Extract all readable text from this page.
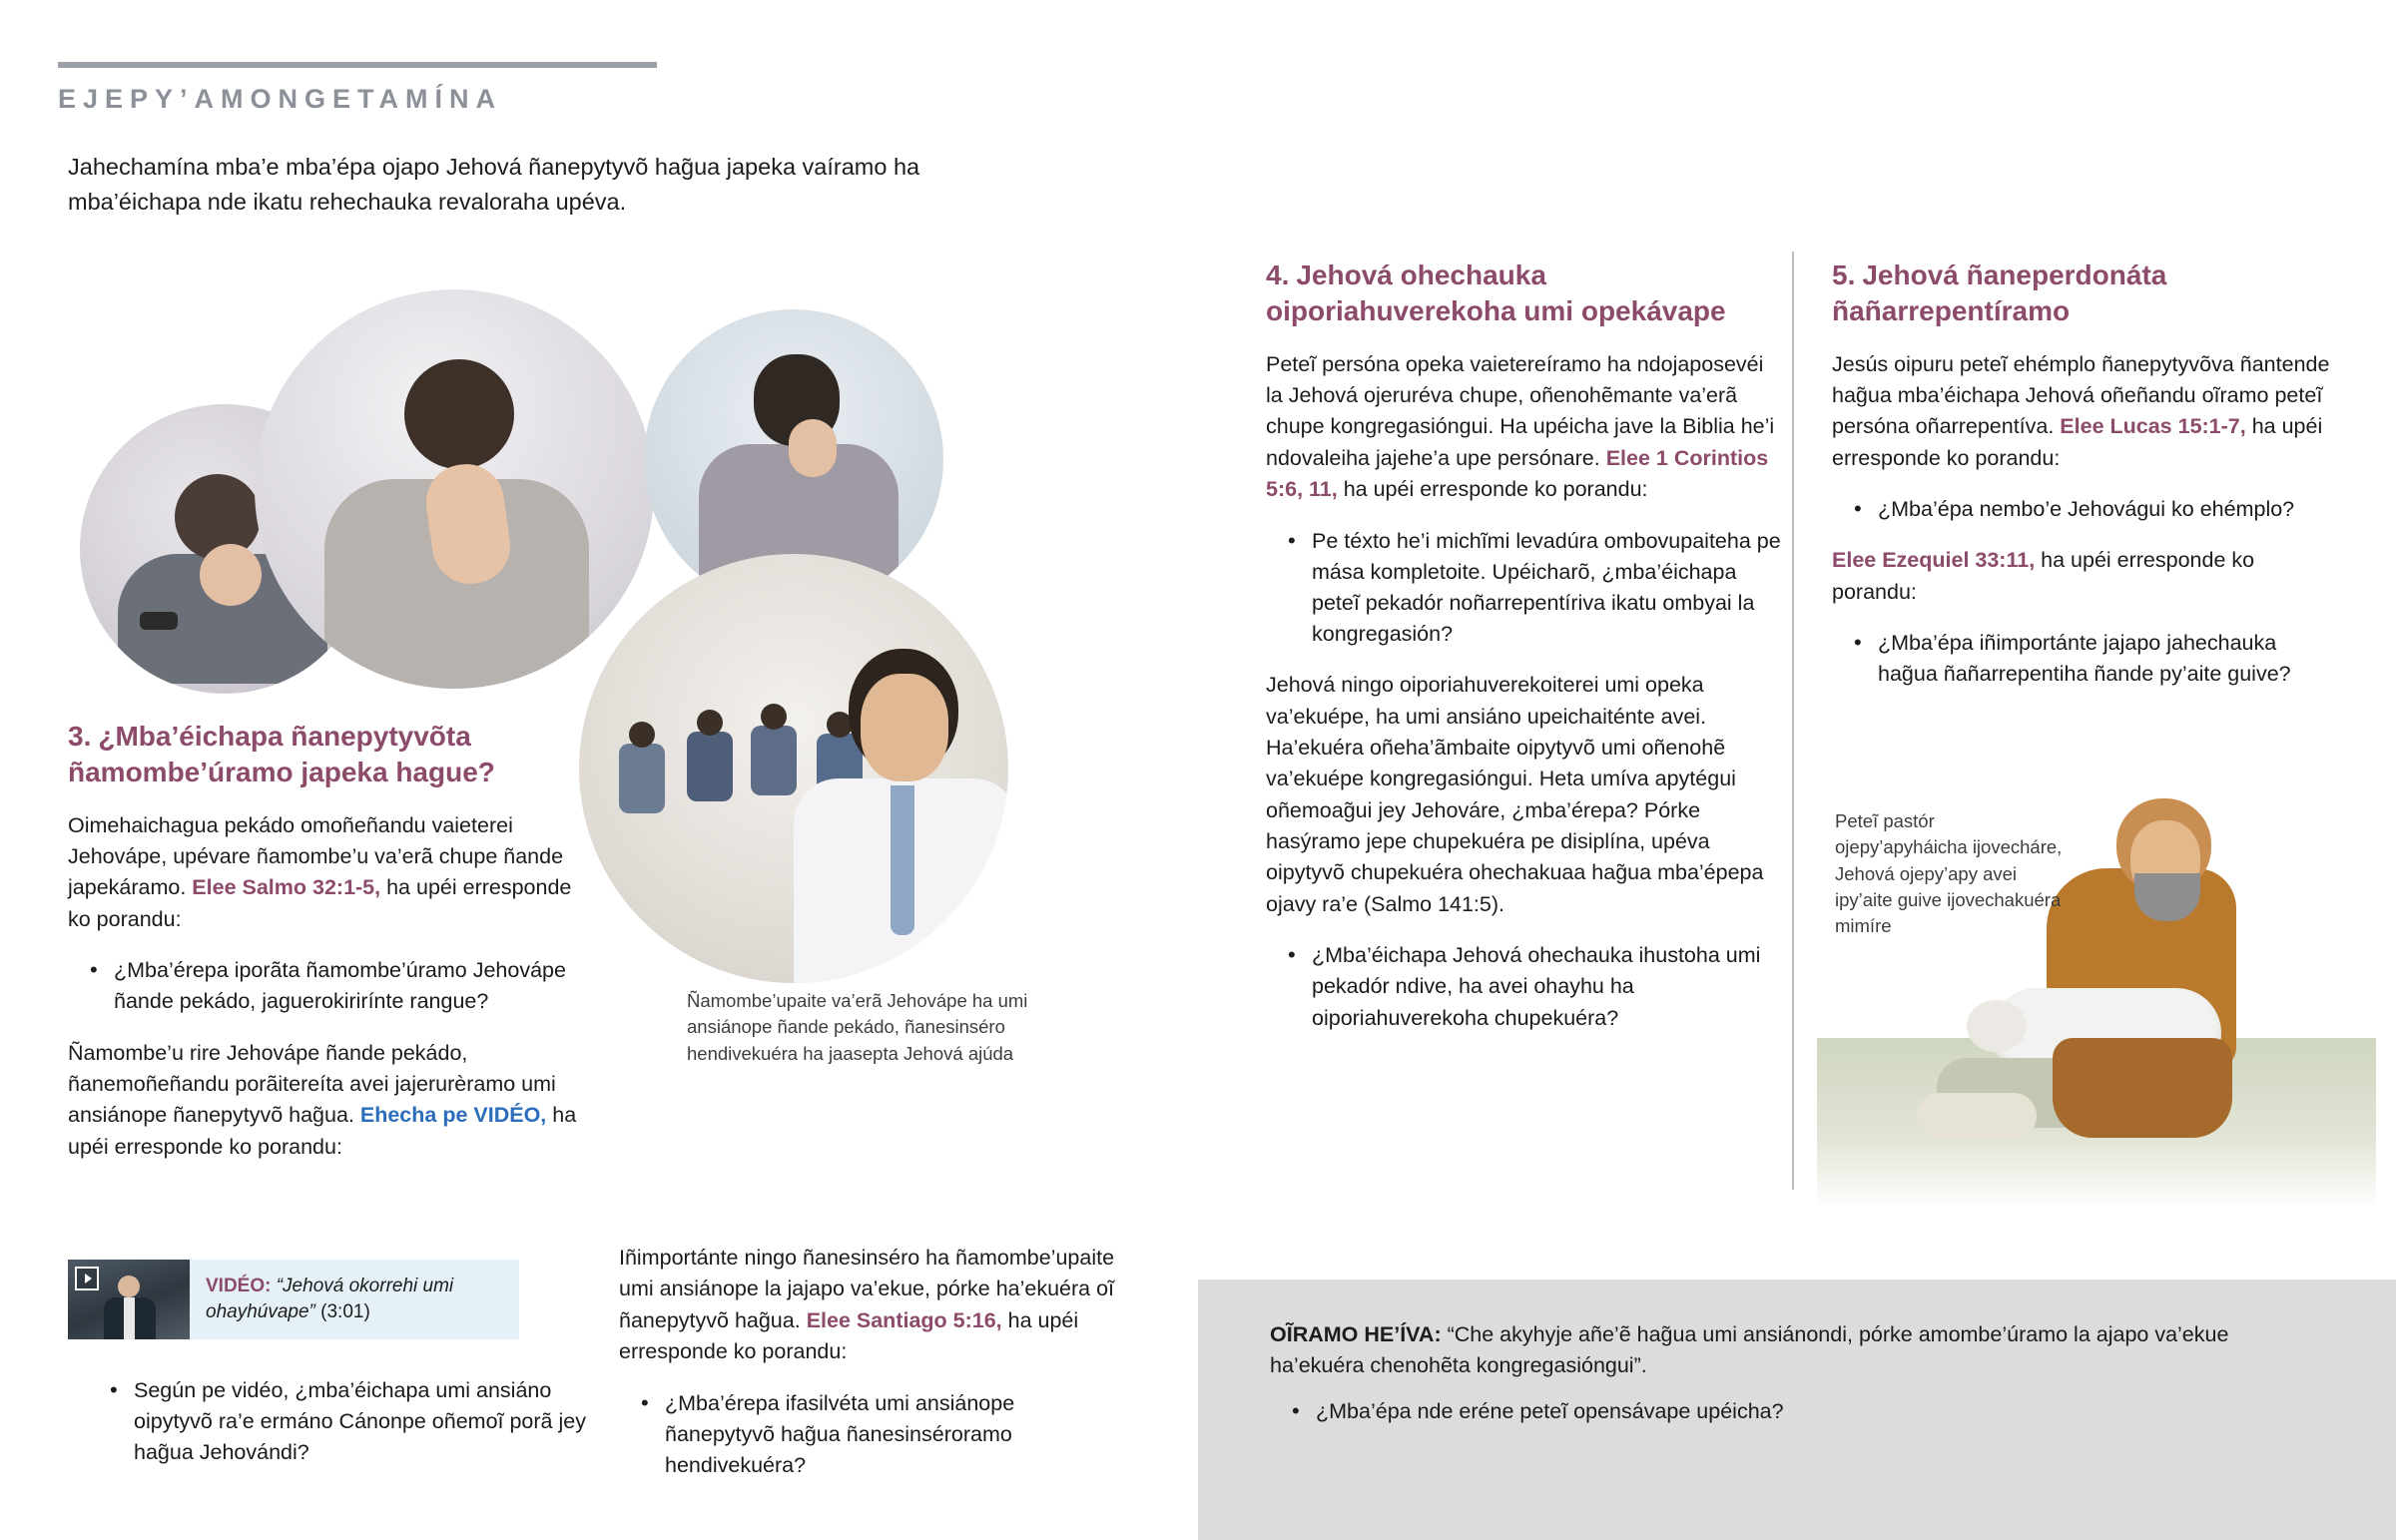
EJEPY’AMONGETAMÍNA
Jahechamína mba’e mba’épa ojapo Jehová ñanepytyvõ hag̃ua japeka vaíramo ha mba’éichapa nde ikatu rehechauka revaloraha upéva.
3. ¿Mba’éichapa ñanepytyvõta ñamombe’úramo japeka hague?

Oimehaichagua pekádo omoñeñandu vaieterei Jehovápe, upévare ñamombe’u va’erã chupe ñande japekáramo. Elee Salmo 32:1-5, ha upéi erresponde ko porandu:

• ¿Mba’érepa iporãta ñamombe’úramo Jehovápe ñande pekádo, jaguerokirirínte rangue?

Ñamombe’u rire Jehovápe ñande pekádo, ñanemoñeñandu porãitereíta avei jajerurèramo umi ansiánope ñanepytyvõ hag̃ua. Ehecha pe VIDÉO, ha upéi erresponde ko porandu:

VIDÉO: “Jehová okorrehi umi ohayhúvape” (3:01)
• Según pe vidéo, ¿mba’éichapa umi ansiáno oipytyvõ ra’e ermáno Cánonpe oñemoĩ porã jey hag̃ua Jehovándi?
Ñamombe’upaite va’erã Jehovápe ha umi ansiánope ñande pekádo, ñanesinséro hendivekuéra ha jaasepta Jehová ajúda

Iñimportánte ningo ñanesinséro ha ñamombe’upaite umi ansiánope la jajapo va’ekue, pórke ha’ekuéra oĩ ñanepytyvõ hag̃ua. Elee Santiago 5:16, ha upéi erresponde ko porandu:

• ¿Mba’érepa ifasilvéta umi ansiánope ñanepytyvõ hag̃ua ñanesinséroramo hendivekuéra?
4. Jehová ohechauka oiporiahuverekoha umi opekávape

Peteĩ persóna opeka vaietereíramo ha ndojaposevéi la Jehová ojeruréva chupe, oñenohẽmante va’erã chupe kongregasióngui. Ha upéicha jave la Biblia he’i ndovaleiha jajehe’a upe persónare. Elee 1 Corintios 5:6, 11, ha upéi erresponde ko porandu:

• Pe téxto he’i michĩmi levadúra ombovupaiteha pe mása kompletoite. Upéicharõ, ¿mba’éichapa peteĩ pekadór noñarrepentíriva ikatu ombyai la kongregasión?

Jehová ningo oiporiahuverekoiterei umi opeka va’ekuépe, ha umi ansiáno upeichaiténte avei. Ha’ekuéra oñeha’ãmbaite oipytyvõ umi oñenohẽ va’ekuépe kongregasióngui. Heta umíva apytégui oñemoag̃ui jey Jehováre, ¿mba’érepa? Pórke hasýramo jepe chupekuéra pe disiplína, upéva oipytyvõ chupekuéra ohechakuaa hag̃ua mba’épepa ojavy ra’e (Salmo 141:5).

• ¿Mba’éichapa Jehová ohechauka ihustoha umi pekadór ndive, ha avei ohayhu ha oiporiahuverekoha chupekuéra?
5. Jehová ñaneperdonáta ñañarrepentíramo

Jesús oipuru peteĩ ehémplo ñanepytyvõva ñantende hag̃ua mba’éichapa Jehová oñeñandu oĩramo peteĩ persóna oñarrepentíva. Elee Lucas 15:1-7, ha upéi erresponde ko porandu:

• ¿Mba’épa nembo’e Jehovágui ko ehémplo?

Elee Ezequiel 33:11, ha upéi erresponde ko porandu:

• ¿Mba’épa iñimportánte jajapo jahechauka hag̃ua ñañarrepentiha ñande py’aite guive?
Peteĩ pastór ojepy’apyháicha ijovecháre, Jehová ojepy’apy avei ipy’aite guive ijovechakuéra mimíre

OĨRAMO HE’ÍVA: “Che akyhyje añe’ẽ hag̃ua umi ansiánondi, pórke amombe’úramo la ajapo va’ekue ha’ekuéra chenohẽta kongregasióngui”.

• ¿Mba’épa nde eréne peteĩ opensávape upéicha?
